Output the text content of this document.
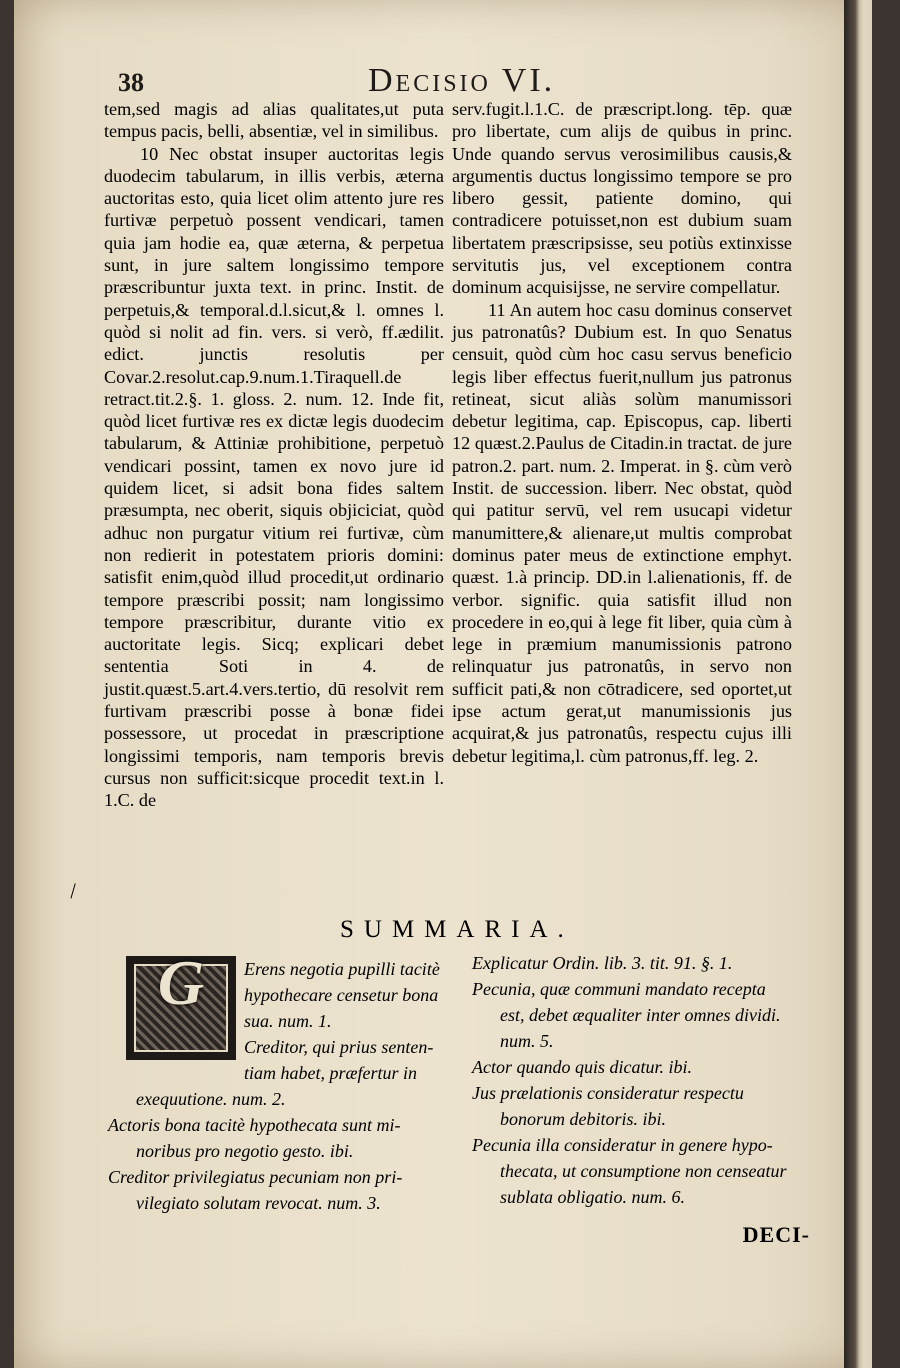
38	Decisio VI.

tem,sed magis ad alias qualitates,ut puta tempus pacis, belli, absentiæ, vel in similibus.

10 Nec obstat insuper auctoritas legis duodecim tabularum, in illis verbis, æterna auctoritas esto, quia licet olim attento jure res furtivæ perpetuò possent vendicari, tamen quia jam hodie ea, quæ æterna, & perpetua sunt, in jure saltem longissimo tempore præscribuntur juxta text. in princ. Instit. de perpetuis,& temporal.d.l.sicut,& l. omnes l. quòd si nolit ad fin. vers. si verò, ff.ædilit. edict. junctis resolutis per Covar.2.resolut.cap.9.num.1.Tiraquell.de retract.tit.2.§. 1. gloss. 2. num. 12. Inde fit, quòd licet furtivæ res ex dictæ legis duodecim tabularum, & Attiniæ prohibitione, perpetuò vendicari possint, tamen ex novo jure id quidem licet, si adsit bona fides saltem præsumpta, nec oberit, siquis objiciciat, quòd adhuc non purgatur vitium rei furtivæ, cùm non redierit in potestatem prioris domini: satisfit enim,quòd illud procedit,ut ordinario tempore præscribi possit; nam longissimo tempore præscribitur, durante vitio ex auctoritate legis. Sicq; explicari debet sententia Soti in 4. de justit.quæst.5.art.4.vers.tertio, dū resolvit rem furtivam præscribi posse à bonæ fidei possessore, ut procedat in præscriptione longissimi temporis, nam temporis brevis cursus non sufficit:sicque procedit text.in l. 1.C. de

serv.fugit.l.1.C. de præscript.long. tēp. quæ pro libertate, cum alijs de quibus in princ. Unde quando servus verosimilibus causis,& argumentis ductus longissimo tempore se pro libero gessit, patiente domino, qui contradicere potuisset,non est dubium suam libertatem præscripsisse, seu potiùs extinxisse servitutis jus, vel exceptionem contra dominum acquisijsse, ne servire compellatur.

11 An autem hoc casu dominus conservet jus patronatûs? Dubium est. In quo Senatus censuit, quòd cùm hoc casu servus beneficio legis liber effectus fuerit,nullum jus patronus retineat, sicut aliàs solùm manumissori debetur legitima, cap. Episcopus, cap. liberti 12 quæst.2.Paulus de Citadin.in tractat. de jure patron.2. part. num. 2. Imperat. in §. cùm verò Instit. de succession. liberr. Nec obstat, quòd qui patitur servū, vel rem usucapi videtur manumittere,& alienare,ut multis comprobat dominus pater meus de extinctione emphyt. quæst. 1.à princip. DD.in l.alienationis, ff. de verbor. signific. quia satisfit illud non procedere in eo,qui à lege fit liber, quia cùm à lege in præmium manumissionis patrono relinquatur jus patronatûs, in servo non sufficit pati,& non cōtradicere, sed oportet,ut ipse actum gerat,ut manumissionis jus acquirat,& jus patronatûs, respectu cujus illi debetur legitima,l. cùm patronus,ff. leg. 2.

\
SUMMARIA.
G	Erens negotia pupilli tacitè hypothecare censetur bona sua. num. 1.
Creditor, qui prius senten-
tiam habet, præfertur in exequutione. num. 2.
Actoris bona tacitè hypothecata sunt mi-
noribus pro negotio gesto. ibi.
Creditor privilegiatus pecuniam non pri-
vilegiato solutam revocat. num. 3.
Explicatur Ordin. lib. 3. tit. 91. §. 1.
Pecunia, quæ communi mandato recepta
est, debet æqualiter inter omnes dividi. num. 5.
Actor quando quis dicatur. ibi.
Jus prælationis consideratur respectu
bonorum debitoris. ibi.
Pecunia illa consideratur in genere hypo-
thecata, ut consumptione non censeatur sublata obligatio. num. 6.
DECI-
